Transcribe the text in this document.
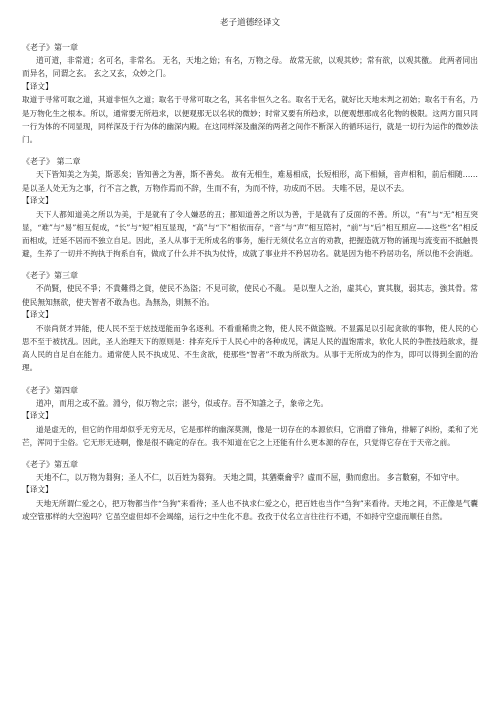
老子道德经译文

《老子》第一章

道可道，非常道；名可名，非常名。 无名，天地之始；有名，万物之母。 故常无欲，以观其妙；常有欲，以观其徼。 此两者同出而异名，同谓之玄。 玄之又玄，众妙之门。

【译文】

取道于寻常可取之道，其道非恒久之道；取名于寻常可取之名，其名非恒久之名。取名于无名，就好比天地未判之初始；取名于有名，乃是万物化生之根本。所以，通常要无所趋求，以便观那无以名状的微妙；时常又要有所趋求，以便观想那成名化物的极限。这两方面只同一行为体的不同显现，同样深及于行为体的幽深内殿。在这同样深及幽深的两者之间作不断深入的循环运行，就是一切行为运作的微妙法门。

《老子》 第二章

天下皆知美之为美，斯恶矣；皆知善之为善，斯不善矣。 故有无相生，难易相成，长短相形，高下相倾，音声相和，前后相随…… 是以圣人处无为之事，行不言之教，万物作焉而不辞，生而不有，为而不恃，功成而不居。 夫唯不居，是以不去。

【译文】

天下人都知道美之所以为美，于是就有了令人嫌恶的丑；都知道善之所以为善，于是就有了反面的不善。所以，“有”与“无”相互突显，“难”与“易”相互促成，“长”与“短”相互显现，“高”与“下”相依而存，“音”与“声”相互陪衬，“前”与“后”相互照应——这些“名”相反而相成，迁延不居而不独立自足。因此，圣人从事于无所成名的事务，施行无须仗名立言的劝教，把握造就万物的涌现与流变而不抵触畏避，生养了一切并不拘执于拘系自有，做成了什么并不执为仗恃，成就了事业并不矜居功名。就是因为他不矜居功名，所以他不会消逝。

《老子》第三章

不尚賢，使民不爭；不貴難得之貨，使民不為盜；不見可欲，使民心不亂。 是以聖人之治，虛其心，實其腹，弱其志，強其骨。常使民無知無欲，使夫智者不敢為也。為無為，則無不治。

【译文】

不崇尚贤才异能，使人民不至于炫技逞能而争名逐利。不看重稀贵之物，使人民不做盗贼。不显露足以引起贪欲的事物，使人民的心思不至于被扰乱。因此，圣人治理天下的原则是：排弃充斥于人民心中的各种成见，满足人民的温饱需求，软化人民的争胜技趋欲求，提高人民的自足自在能力。通常使人民不执成见、不生贪欲，使那些“智者”不敢为所欲为。从事于无所成为的作为，即可以得到全面的治理。

《老子》第四章

道冲，而用之或不盈。淵兮，似万物之宗；湛兮，似或存。吾不知誰之子，象帝之先。

【译文】

道是虚无的，但它的作用却似乎无穷无尽，它是那样的幽深莫测，像是一切存在的本源依归，它消磨了锋角，排解了纠纷，柔和了光芒，浑同于尘俗。它无形无迹啊，像是很不确定的存在。我不知道在它之上还能有什么更本源的存在，只觉得它存在于天帝之前。

《老子》第五章

天地不仁，以万物为芻狗；圣人不仁，以百姓为芻狗。 天地之間，其猶橐龠乎？虛而不屈，動而愈出。 多言數窮，不如守中。

【译文】

天地无所谓仁爱之心，把万物都当作“刍狗”来看待；圣人也不执求仁爱之心，把百姓也当作“刍狗”来看待。天地之间，不正像是气囊或空管那样的大空泡吗？它虽空虚但却不会竭缩，运行之中生化不息。孜孜于仗名立言往往行不通，不如持守空虚而顺任自然。
